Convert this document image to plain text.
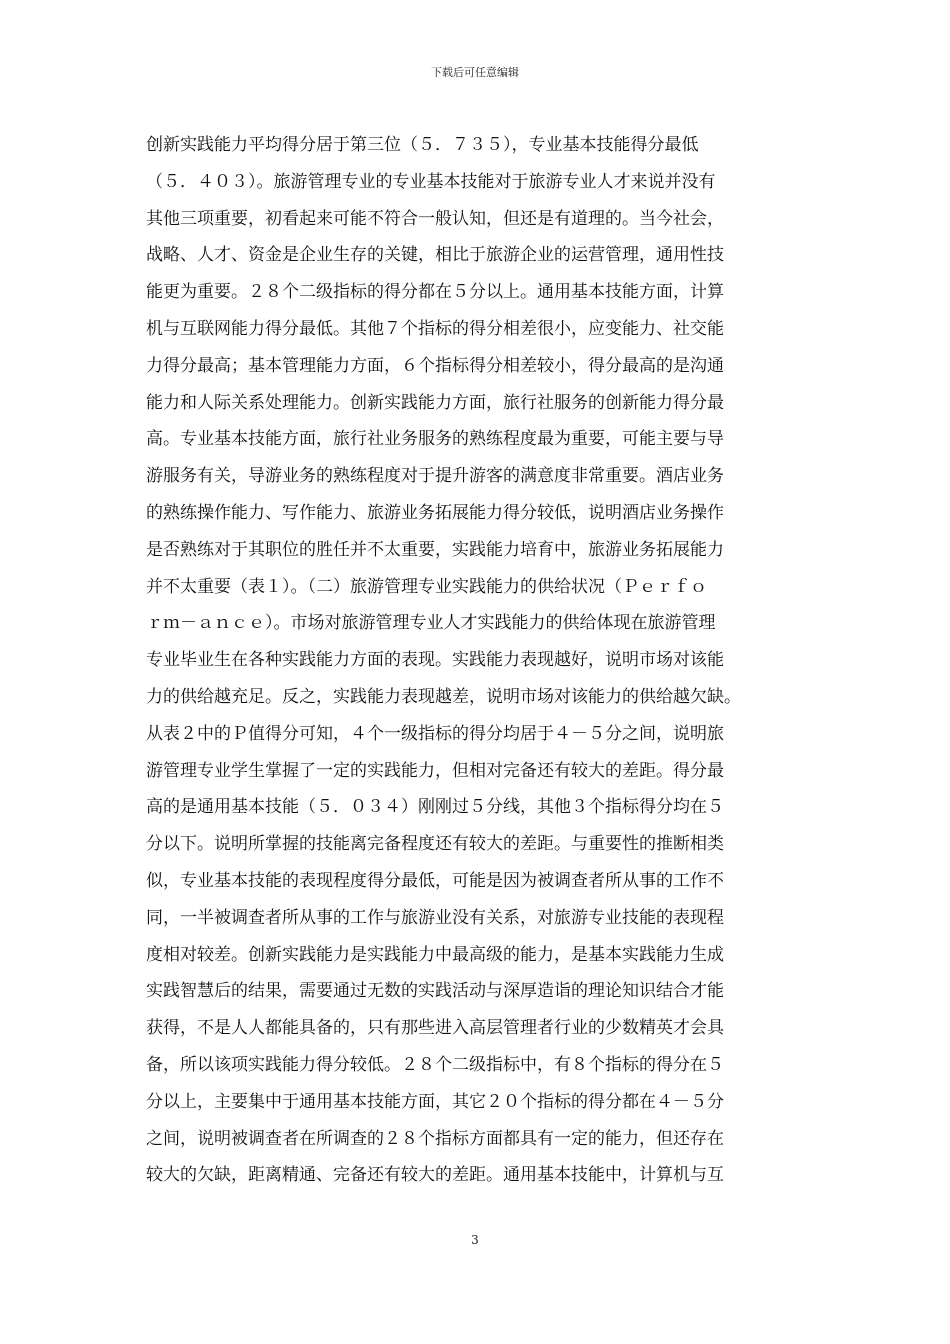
下载后可任意编辑
创新实践能力平均得分居于第三位（５．７３５），专业基本技能得分最低
（５．４０３）。旅游管理专业的专业基本技能对于旅游专业人才来说并没有
其他三项重要，初看起来可能不符合一般认知，但还是有道理的。当今社会，
战略、人才、资金是企业生存的关键，相比于旅游企业的运营管理，通用性技
能更为重要。２８个二级指标的得分都在５分以上。通用基本技能方面，计算
机与互联网能力得分最低。其他７个指标的得分相差很小，应变能力、社交能
力得分最高；基本管理能力方面，６个指标得分相差较小，得分最高的是沟通
能力和人际关系处理能力。创新实践能力方面，旅行社服务的创新能力得分最
高。专业基本技能方面，旅行社业务服务的熟练程度最为重要，可能主要与导
游服务有关，导游业务的熟练程度对于提升游客的满意度非常重要。酒店业务
的熟练操作能力、写作能力、旅游业务拓展能力得分较低，说明酒店业务操作
是否熟练对于其职位的胜任并不太重要，实践能力培育中，旅游业务拓展能力
并不太重要（表１）。（二）旅游管理专业实践能力的供给状况（Ｐｅｒｆｏ
ｒｍ－ａｎｃｅ）。市场对旅游管理专业人才实践能力的供给体现在旅游管理
专业毕业生在各种实践能力方面的表现。实践能力表现越好，说明市场对该能
力的供给越充足。反之，实践能力表现越差，说明市场对该能力的供给越欠缺。
从表２中的Ｐ值得分可知，４个一级指标的得分均居于４－５分之间，说明旅
游管理专业学生掌握了一定的实践能力，但相对完备还有较大的差距。得分最
高的是通用基本技能（５．０３４）刚刚过５分线，其他３个指标得分均在５
分以下。说明所掌握的技能离完备程度还有较大的差距。与重要性的推断相类
似，专业基本技能的表现程度得分最低，可能是因为被调查者所从事的工作不
同，一半被调查者所从事的工作与旅游业没有关系，对旅游专业技能的表现程
度相对较差。创新实践能力是实践能力中最高级的能力，是基本实践能力生成
实践智慧后的结果，需要通过无数的实践活动与深厚造诣的理论知识结合才能
获得，不是人人都能具备的，只有那些进入高层管理者行业的少数精英才会具
备，所以该项实践能力得分较低。２８个二级指标中，有８个指标的得分在５
分以上，主要集中于通用基本技能方面，其它２０个指标的得分都在４－５分
之间，说明被调查者在所调查的２８个指标方面都具有一定的能力，但还存在
较大的欠缺，距离精通、完备还有较大的差距。通用基本技能中，计算机与互
3
